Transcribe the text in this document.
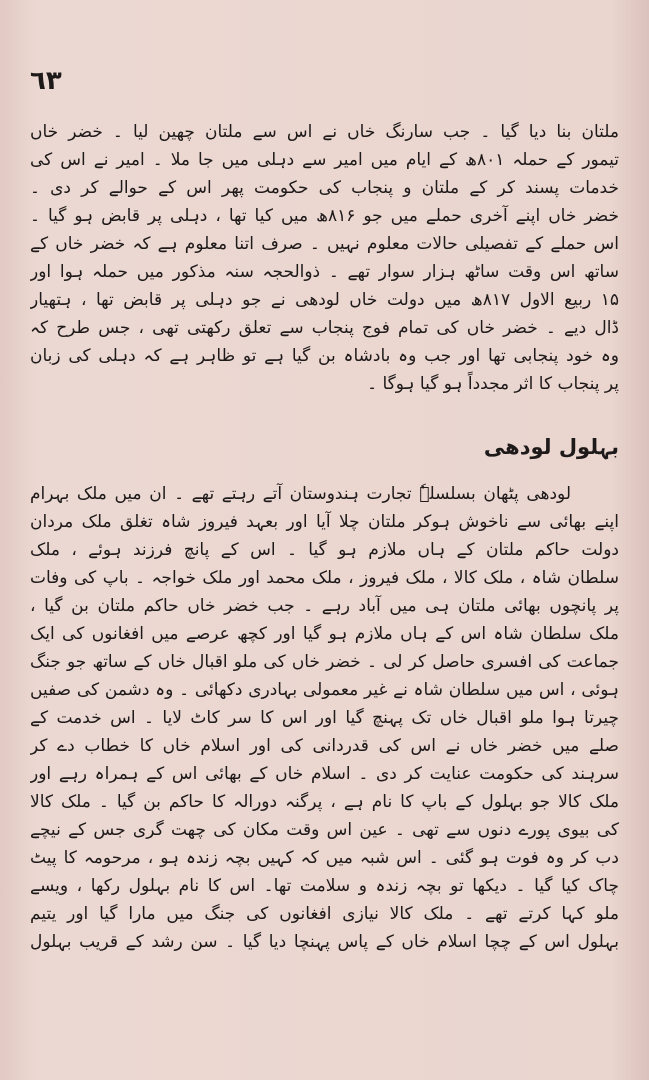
٦٣
ملتان بنا دیا گیا ۔ جب سارنگ خاں نے اس سے ملتان چھین لیا ۔ خضر خاں
تیمور کے حملہ ۸۰۱ھ کے ایام میں امیر سے دہلی میں جا ملا ۔ امیر نے اس کی
خدمات پسند کر کے ملتان و پنجاب کی حکومت پھر اس کے حوالے کر دی ۔
خضر خاں اپنے آخری حملے میں جو ۸۱۶ھ میں کیا تھا ، دہلی پر قابض ہو گیا ۔
اس حملے کے تفصیلی حالات معلوم نہیں ۔ صرف اتنا معلوم ہے کہ خضر خاں کے
ساتھ اس وقت ساٹھ ہزار سوار تھے ۔ ذوالحجہ سنہ مذکور میں حملہ ہوا اور
۱۵ ربیع الاول ۸۱۷ھ میں دولت خاں لودھی نے جو دہلی پر قابض تھا ، ہتھیار
ڈال دیے ۔ خضر خاں کی تمام فوج پنجاب سے تعلق رکھتی تھی ، جس طرح کہ
وہ خود پنجابی تھا اور جب وہ بادشاہ بن گیا ہے تو ظاہر ہے کہ دہلی کی زبان
پر پنجاب کا اثر مجدداً ہو گیا ہوگا ۔
بہلول لودھی
لودھی پٹھان بسلسلہٗ تجارت ہندوستان آتے رہتے تھے ۔ ان میں ملک بہرام
اپنے بھائی سے ناخوش ہوکر ملتان چلا آیا اور بعہد فیروز شاہ تغلق ملک مردان
دولت حاکم ملتان کے ہاں ملازم ہو گیا ۔ اس کے پانچ فرزند ہوئے ، ملک
سلطان شاہ ، ملک کالا ، ملک فیروز ، ملک محمد اور ملک خواجہ ۔ باپ کی وفات
پر پانچوں بھائی ملتان ہی میں آباد رہے ۔ جب خضر خاں حاکم ملتان بن گیا ،
ملک سلطان شاہ اس کے ہاں ملازم ہو گیا اور کچھ عرصے میں افغانوں کی ایک
جماعت کی افسری حاصل کر لی ۔ خضر خاں کی ملو اقبال خاں کے ساتھ جو جنگ
ہوئی ، اس میں سلطان شاہ نے غیر معمولی بہادری دکھائی ۔ وہ دشمن کی صفیں
چیرتا ہوا ملو اقبال خاں تک پہنچ گیا اور اس کا سر کاٹ لایا ۔ اس خدمت کے
صلے میں خضر خاں نے اس کی قدردانی کی اور اسلام خاں کا خطاب دے کر
سرہند کی حکومت عنایت کر دی ۔ اسلام خاں کے بھائی اس کے ہمراہ رہے اور
ملک کالا جو بہلول کے باپ کا نام ہے ، پرگنہ دورالہ کا حاکم بن گیا ۔ ملک کالا
کی بیوی پورے دنوں سے تھی ۔ عین اس وقت مکان کی چھت گری جس کے نیچے
دب کر وہ فوت ہو گئی ۔ اس شبہ میں کہ کہیں بچہ زندہ ہو ، مرحومہ کا پیٹ
چاک کیا گیا ۔ دیکھا تو بچہ زندہ و سلامت تھا۔ اس کا نام بہلول رکھا ، ویسے
ملو کہا کرتے تھے ۔ ملک کالا نیازی افغانوں کی جنگ میں مارا گیا اور یتیم
بہلول اس کے چچا اسلام خاں کے پاس پہنچا دیا گیا ۔ سن رشد کے قریب بہلول
